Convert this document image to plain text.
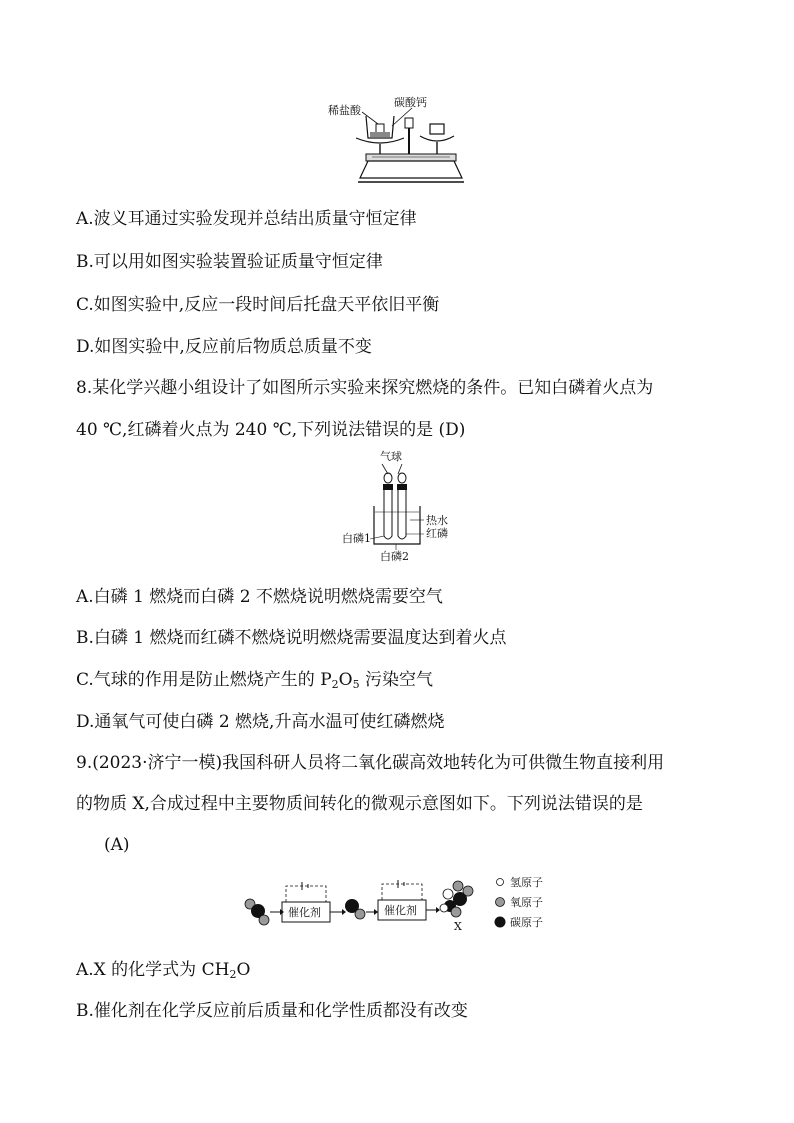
稀盐酸
碳酸钙
A.波义耳通过实验发现并总结出质量守恒定律
B.可以用如图实验装置验证质量守恒定律
C.如图实验中,反应一段时间后托盘天平依旧平衡
D.如图实验中,反应前后物质总质量不变
8.某化学兴趣小组设计了如图所示实验来探究燃烧的条件。已知白磷着火点为
40 ℃,红磷着火点为 240 ℃,下列说法错误的是 (D)
气球
热水
红磷
白磷1
白磷2
A.白磷 1 燃烧而白磷 2 不燃烧说明燃烧需要空气
B.白磷 1 燃烧而红磷不燃烧说明燃烧需要温度达到着火点
C.气球的作用是防止燃烧产生的 $P_2O_5$ 污染空气
D.通氧气可使白磷 2 燃烧,升高水温可使红磷燃烧
9.(2023·济宁一模)我国科研人员将二氧化碳高效地转化为可供微生物直接利用
的物质 X,合成过程中主要物质间转化的微观示意图如下。下列说法错误的是
(A)
催化剂	催化剂
X
氢原子
氧原子
碳原子
A.X 的化学式为 $CH_2O$
B.催化剂在化学反应前后质量和化学性质都没有改变
